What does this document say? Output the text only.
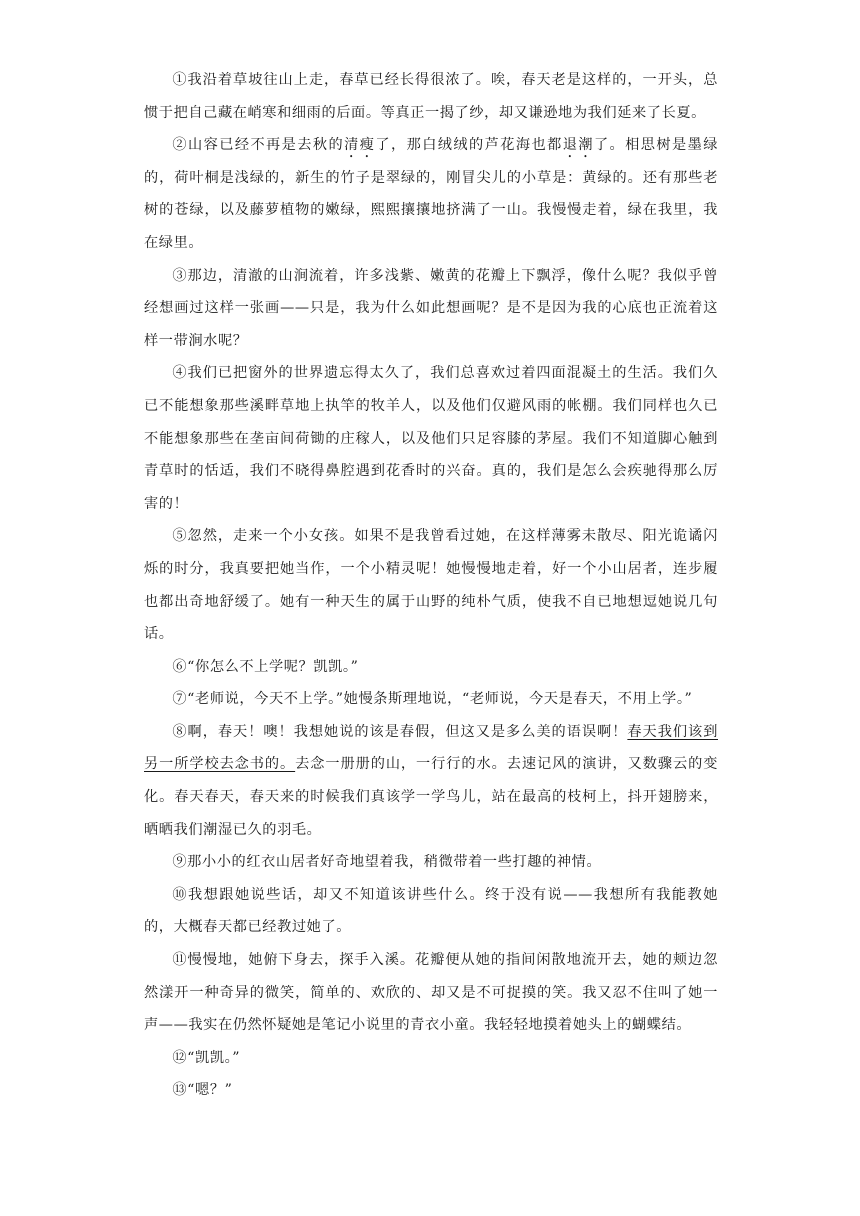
①我沿着草坡往山上走，春草已经长得很浓了。唉，春天老是这样的，一开头，总惯于把自己藏在峭寒和细雨的后面。等真正一揭了纱，却又谦逊地为我们延来了长夏。

②山容已经不再是去秋的清瘦了，那白绒绒的芦花海也都退潮了。相思树是墨绿的，荷叶桐是浅绿的，新生的竹子是翠绿的，刚冒尖儿的小草是：黄绿的。还有那些老树的苍绿，以及藤萝植物的嫩绿，熙熙攘攘地挤满了一山。我慢慢走着，绿在我里，我在绿里。

③那边，清澈的山涧流着，许多浅紫、嫩黄的花瓣上下飘浮，像什么呢？我似乎曾经想画过这样一张画——只是，我为什么如此想画呢？是不是因为我的心底也正流着这样一带涧水呢？

④我们已把窗外的世界遗忘得太久了，我们总喜欢过着四面混凝土的生活。我们久已不能想象那些溪畔草地上执竿的牧羊人，以及他们仅避风雨的帐棚。我们同样也久已不能想象那些在垄亩间荷锄的庄稼人，以及他们只足容膝的茅屋。我们不知道脚心触到青草时的恬适，我们不晓得鼻腔遇到花香时的兴奋。真的，我们是怎么会疾驰得那么厉害的！

⑤忽然，走来一个小女孩。如果不是我曾看过她，在这样薄雾未散尽、阳光诡谲闪烁的时分，我真要把她当作，一个小精灵呢！她慢慢地走着，好一个小山居者，连步履也都出奇地舒缓了。她有一种天生的属于山野的纯朴气质，使我不自已地想逗她说几句话。

⑥“你怎么不上学呢？凯凯。”

⑦“老师说，今天不上学。”她慢条斯理地说，“老师说，今天是春天，不用上学。”

⑧啊，春天！噢！我想她说的该是春假，但这又是多么美的语误啊！春天我们该到另一所学校去念书的。去念一册册的山，一行行的水。去速记风的演讲，又数骤云的变化。春天春天，春天来的时候我们真该学一学鸟儿，站在最高的枝柯上，抖开翅膀来，晒晒我们潮湿已久的羽毛。

⑨那小小的红衣山居者好奇地望着我，稍微带着一些打趣的神情。

⑩我想跟她说些话，却又不知道该讲些什么。终于没有说——我想所有我能教她的，大概春天都已经教过她了。

⑪慢慢地，她俯下身去，探手入溪。花瓣便从她的指间闲散地流开去，她的颊边忽然漾开一种奇异的微笑，简单的、欢欣的、却又是不可捉摸的笑。我又忍不住叫了她一声——我实在仍然怀疑她是笔记小说里的青衣小童。我轻轻地摸着她头上的蝴蝶结。

⑫“凯凯。”

⑬“嗯？”
